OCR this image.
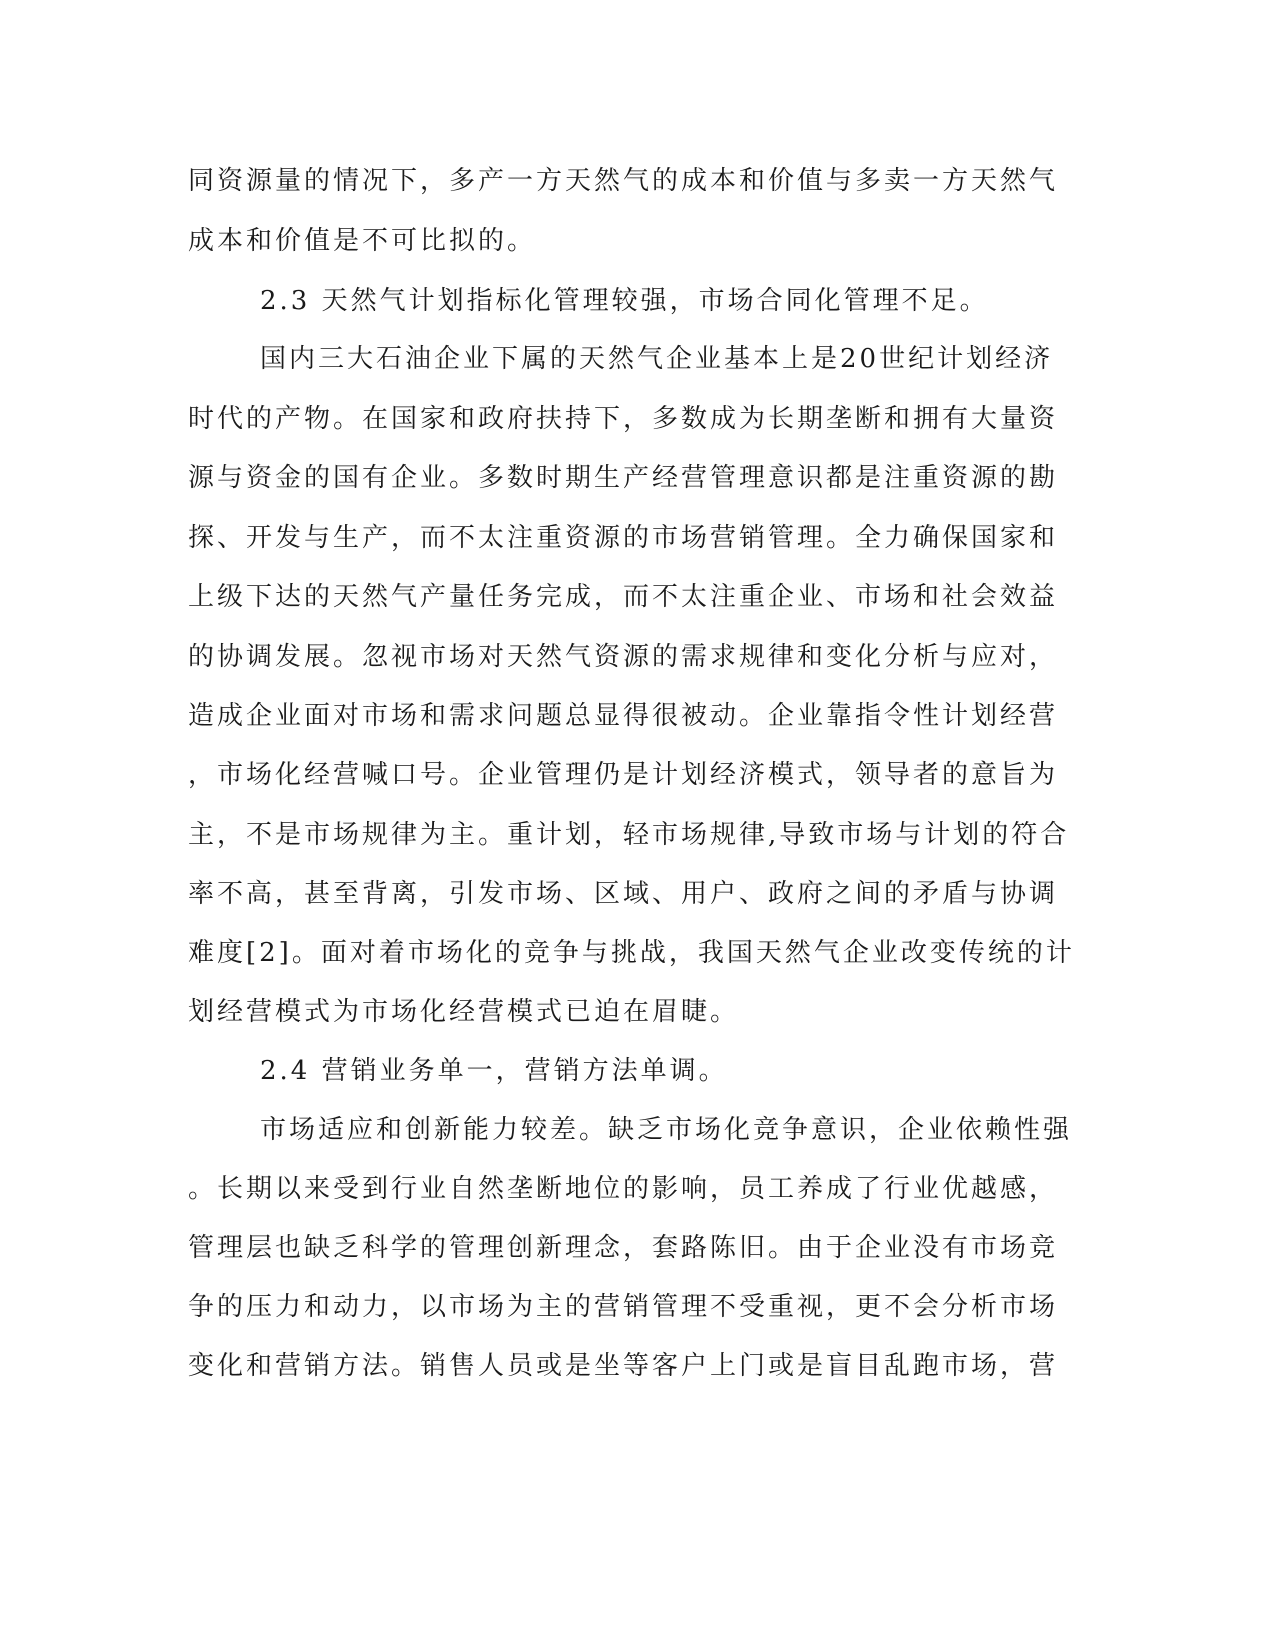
同资源量的情况下，多产一方天然气的成本和价值与多卖一方天然气

成本和价值是不可比拟的。

2.3 天然气计划指标化管理较强，市场合同化管理不足。

国内三大石油企业下属的天然气企业基本上是20世纪计划经济

时代的产物。在国家和政府扶持下，多数成为长期垄断和拥有大量资

源与资金的国有企业。多数时期生产经营管理意识都是注重资源的勘

探、开发与生产，而不太注重资源的市场营销管理。全力确保国家和

上级下达的天然气产量任务完成，而不太注重企业、市场和社会效益

的协调发展。忽视市场对天然气资源的需求规律和变化分析与应对，

造成企业面对市场和需求问题总显得很被动。企业靠指令性计划经营

，市场化经营喊口号。企业管理仍是计划经济模式，领导者的意旨为

主，不是市场规律为主。重计划，轻市场规律,导致市场与计划的符合

率不高，甚至背离，引发市场、区域、用户、政府之间的矛盾与协调

难度[2]。面对着市场化的竞争与挑战，我国天然气企业改变传统的计

划经营模式为市场化经营模式已迫在眉睫。

2.4 营销业务单一，营销方法单调。

市场适应和创新能力较差。缺乏市场化竞争意识，企业依赖性强

。长期以来受到行业自然垄断地位的影响，员工养成了行业优越感，

管理层也缺乏科学的管理创新理念，套路陈旧。由于企业没有市场竞

争的压力和动力，以市场为主的营销管理不受重视，更不会分析市场

变化和营销方法。销售人员或是坐等客户上门或是盲目乱跑市场，营
